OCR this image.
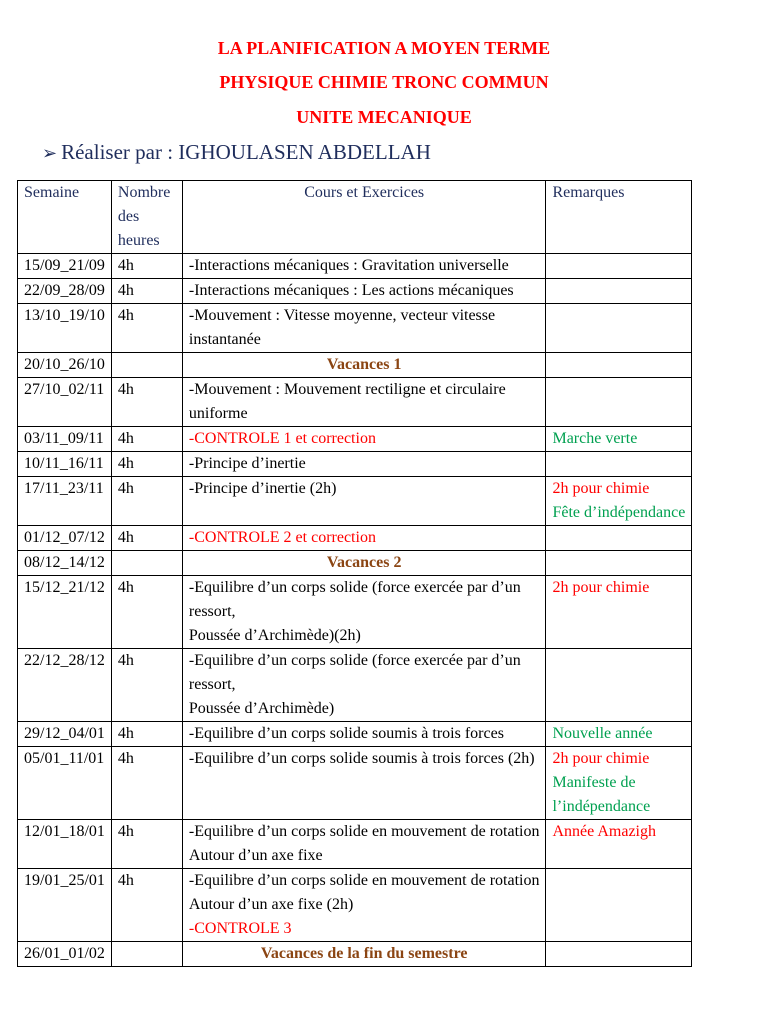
LA PLANIFICATION A MOYEN TERME
PHYSIQUE CHIMIE TRONC COMMUN
UNITE MECANIQUE
➢ Réaliser par : IGHOULASEN ABDELLAH
Semaine	Nombre des heures	Cours et Exercices	Remarques
15/09_21/09	4h	-Interactions mécaniques : Gravitation universelle	

22/09_28/09	4h	-Interactions mécaniques : Les actions mécaniques	

13/10_19/10	4h	-Mouvement : Vitesse moyenne, vecteur vitesse
instantanée	

20/10_26/10		Vacances 1	
27/10_02/11	4h	-Mouvement : Mouvement rectiligne et circulaire
uniforme	

03/11_09/11	4h	-CONTROLE 1 et correction	Marche verte

10/11_16/11	4h	-Principe d’inertie	

17/11_23/11	4h	-Principe d’inertie (2h)	2h pour chimie
Fête d’indépendance

01/12_07/12	4h	-CONTROLE 2 et correction	

08/12_14/12		Vacances 2	
15/12_21/12	4h	-Equilibre d’un corps solide (force exercée par d’un
ressort,
Poussée d’Archimède)(2h)	2h pour chimie

22/12_28/12	4h	-Equilibre d’un corps solide (force exercée par d’un
ressort,
Poussée d’Archimède)	

29/12_04/01	4h	-Equilibre d’un corps solide soumis à trois forces	Nouvelle année

05/01_11/01	4h	-Equilibre d’un corps solide soumis à trois forces (2h)	2h pour chimie
Manifeste de
l’indépendance

12/01_18/01	4h	-Equilibre d’un corps solide en mouvement de rotation
Autour d’un axe fixe	Année Amazigh

19/01_25/01	4h	-Equilibre d’un corps solide en mouvement de rotation
Autour d’un axe fixe (2h)
-CONTROLE 3	

26/01_01/02		Vacances de la fin du semestre	
